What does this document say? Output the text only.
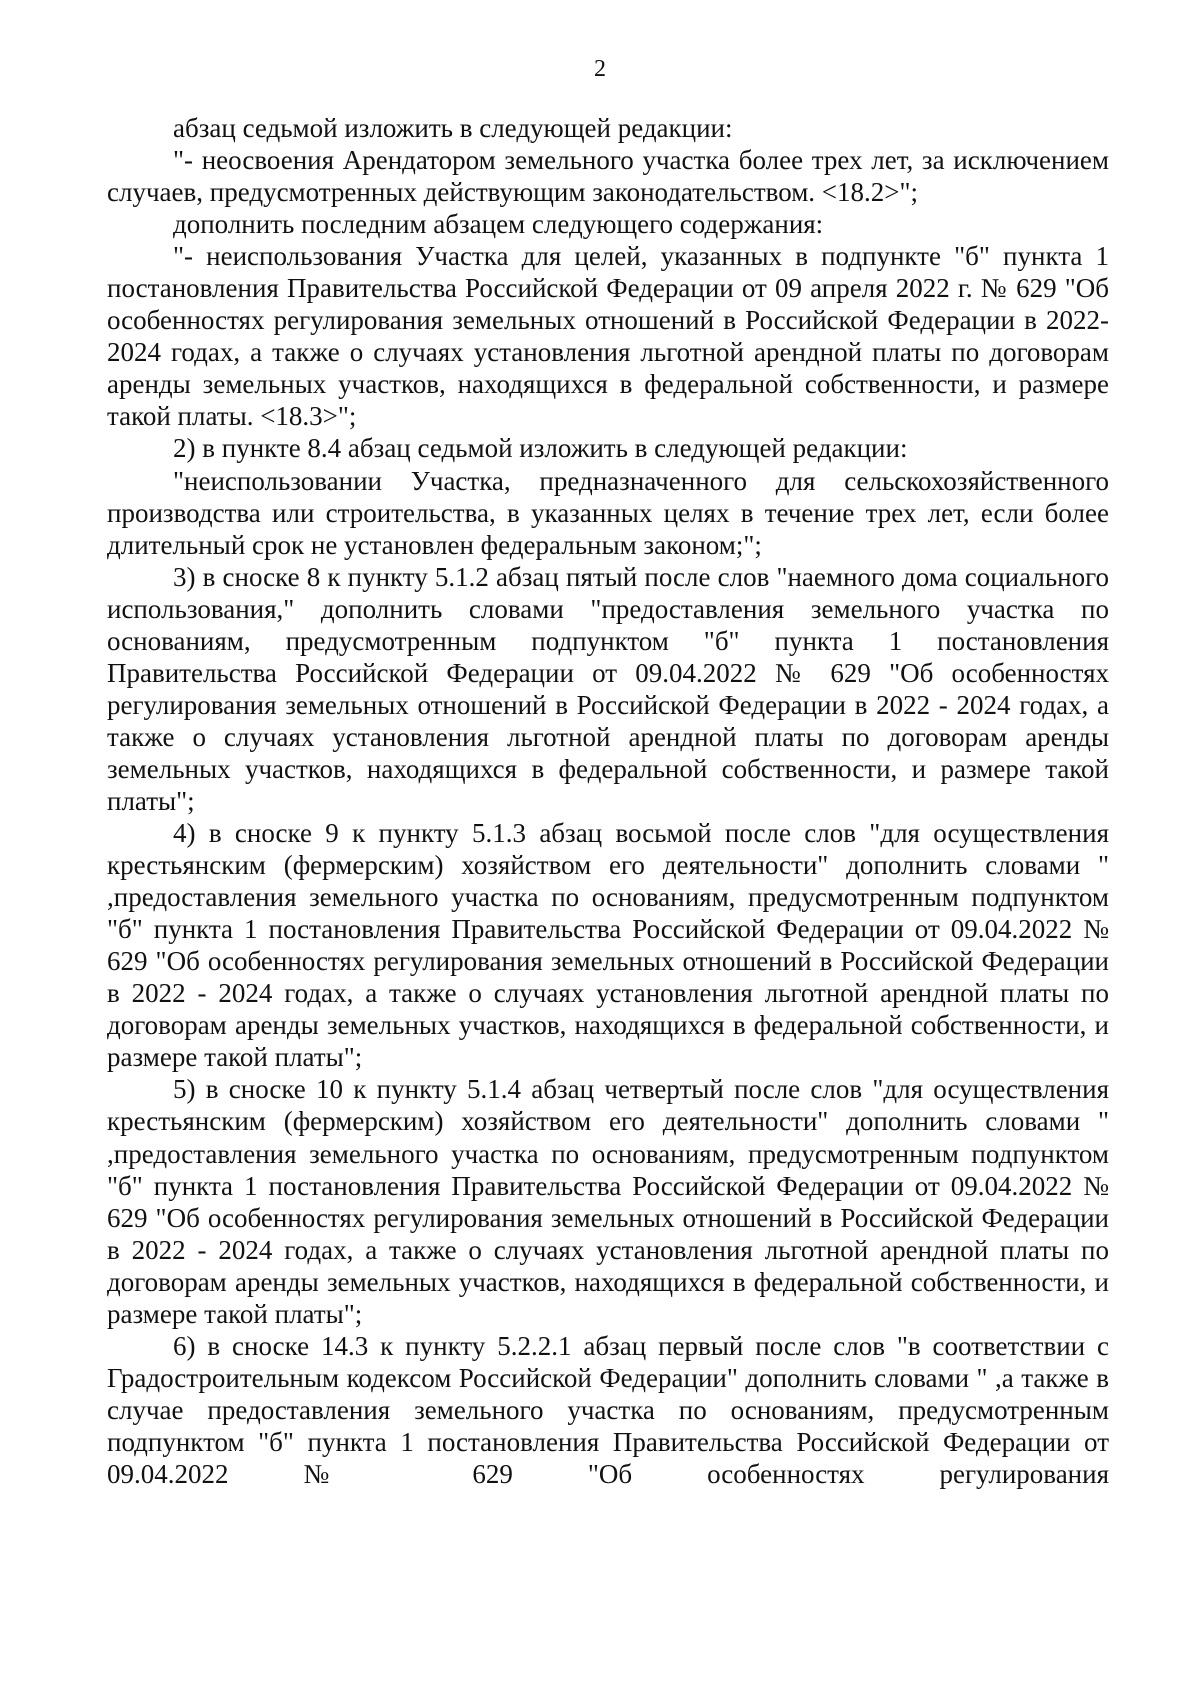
2

абзац седьмой изложить в следующей редакции:

"- неосвоения Арендатором земельного участка более трех лет, за исключением случаев, предусмотренных действующим законодательством. <18.2>";

дополнить последним абзацем следующего содержания:

"- неиспользования Участка для целей, указанных в подпункте "б" пункта 1 постановления Правительства Российской Федерации от 09 апреля 2022 г. № 629 "Об особенностях регулирования земельных отношений в Российской Федерации в 2022-2024 годах, а также о случаях установления льготной арендной платы по договорам аренды земельных участков, находящихся в федеральной собственности, и размере такой платы. <18.3>";

2) в пункте 8.4 абзац седьмой изложить в следующей редакции:

"неиспользовании Участка, предназначенного для сельскохозяйственного производства или строительства, в указанных целях в течение трех лет, если более длительный срок не установлен федеральным законом;";

3) в сноске 8 к пункту 5.1.2 абзац пятый после слов "наемного дома социального использования," дополнить словами "предоставления земельного участка по основаниям, предусмотренным подпунктом "б" пункта 1 постановления Правительства Российской Федерации от 09.04.2022 № 629 "Об особенностях регулирования земельных отношений в Российской Федерации в 2022 - 2024 годах, а также о случаях установления льготной арендной платы по договорам аренды земельных участков, находящихся в федеральной собственности, и размере такой платы";

4) в сноске 9 к пункту 5.1.3 абзац восьмой после слов "для осуществления крестьянским (фермерским) хозяйством его деятельности" дополнить словами " ,предоставления земельного участка по основаниям, предусмотренным подпунктом "б" пункта 1 постановления Правительства Российской Федерации от 09.04.2022 № 629 "Об особенностях регулирования земельных отношений в Российской Федерации в 2022 - 2024 годах, а также о случаях установления льготной арендной платы по договорам аренды земельных участков, находящихся в федеральной собственности, и размере такой платы";

5) в сноске 10 к пункту 5.1.4 абзац четвертый после слов "для осуществления крестьянским (фермерским) хозяйством его деятельности" дополнить словами " ,предоставления земельного участка по основаниям, предусмотренным подпунктом "б" пункта 1 постановления Правительства Российской Федерации от 09.04.2022 № 629 "Об особенностях регулирования земельных отношений в Российской Федерации в 2022 - 2024 годах, а также о случаях установления льготной арендной платы по договорам аренды земельных участков, находящихся в федеральной собственности, и размере такой платы";

6) в сноске 14.3 к пункту 5.2.2.1 абзац первый после слов "в соответствии с Градостроительным кодексом Российской Федерации" дополнить словами " ,а также в случае предоставления земельного участка по основаниям, предусмотренным подпунктом "б" пункта 1 постановления Правительства Российской Федерации от 09.04.2022 № 629 "Об особенностях регулирования
